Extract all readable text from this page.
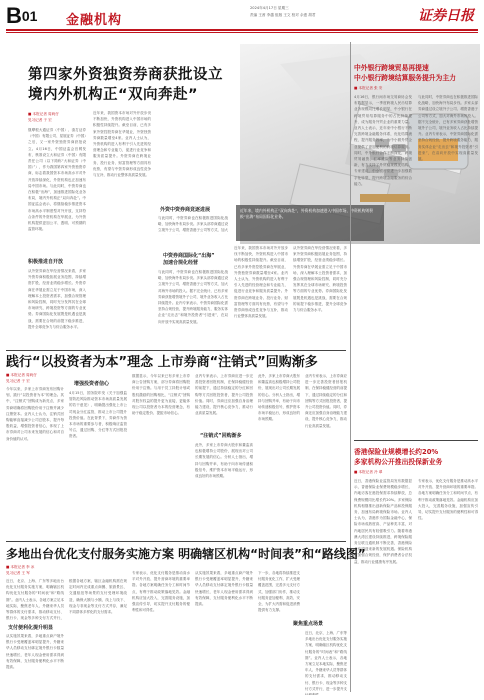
B01 金融机构
2024年4月17日 星期三
责编 王茜 李越 组版 王文 校对 余惠 胡君	证券日报
第四家外资独资券商获批设立
境内外机构正“双向奔赴”
■ 本报记者 周尚仔
见习记者 于 宏
近年来，境内外机构正“双向奔赴”，外资机构加速进入中国市场，中资机构则积极“出海”布局国际化业务。
继摩根大通证券（中国）、渣打证券（中国）有限公司、星展证券（中国）之后，又一家外资独资券商获批设立。4月16日，中国证监会官网发布，核准设立大和证券（中国）有限责任公司（以下简称“大和证券（中国）”），作为我国第四家外资独资券商，标志着我国资本市场高水平对外开放持续深化，外资机构也正加速布局中国市场。与此同时，中资券商也在积极“出海”，加速推进国际化业务布局，境内外机构正“双向奔赴”。中国证监会表示，将继续稳步推进资本市场高水平制度型对外开放，支持符合条件的外资机构在华展业，为外资机构提供更加公平、透明、可预期的监管环境。
积极推进自开放
从外资券商在华经营情况来看，多家外资券商积极拓展业务范围，持续增资扩股，经营业绩稳步增长。外资券商在华展业需立足于中国市场，深入理解本土投资者需求，加强合规管理和风险控制，同时充分发挥其在全球市场研究、跨境投资等方面的专业优势。券商国际化发展既是机遇也是挑战，需要在合规的前提下稳步推进，提升全球竞争力与综合服务水平。
近年来，我国资本市场对外开放步伐不断加快，外资机构进入中国市场的积极性持续提升。截至目前，已有多家外资控股券商在华展业，外资独资券商数量增至4家。业内人士认为，外资机构的进入有利于引入先进的经营理念和专业能力，促进行业竞争和服务质量提升。外资券商在跨境业务、投行业务、财富管理等方面具有优势，有望与中资券商形成良性竞争与互补，推动行业整体高质量发展。
外资中资券商竞逐进展
与此同时，中资券商也在积极推进国际化战略，加快海外布局步伐。多家头部券商通过设立境外子公司、增资香港子公司等方式，加大
中资券商国际化“出海”
加速合规化经营
与此同时，中资券商也在积极推进国际化战略，加快海外布局步伐。多家头部券商通过设立境外子公司、增资香港子公司等方式，加大对海外市场的投入。据不完全统计，已有多家券商获批增资境外子公司，境外业务收入占比持续提升。业内专家表示，中资券商国际化需坚持合规经营，提升跨境服务能力，服务实体企业“走出去”和境外投资者“引进来”，在双向开放中实现高质量发展。
近年来，我国资本市场对外开放步伐不断加快，外资机构进入中国市场的积极性持续提升。截至目前，已有多家外资控股券商在华展业，外资独资券商数量增至4家。业内人士认为，外资机构的进入有利于引入先进的经营理念和专业能力，促进行业竞争和服务质量提升。外资券商在跨境业务、投行业务、财富管理等方面具有优势，有望与中资券商形成良性竞争与互补，推动行业整体高质量发展。
从外资券商在华经营情况来看，多家外资券商积极拓展业务范围，持续增资扩股，经营业绩稳步增长。外资券商在华展业需立足于中国市场，深入理解本土投资者需求，加强合规管理和风险控制，同时充分发挥其在全球市场研究、跨境投资等方面的专业优势。券商国际化发展既是机遇也是挑战，需要在合规的前提下稳步推进，提升全球竞争力与综合服务水平。
中外银行跨境贸易再提速
中小银行跨境结算服务提升为主力
■ 本报记者 张 安
4月16日，银行间市场交易商协会发布数据显示，一季度跨境人民币结算业务规模同比增长明显，中小银行在跨境贸易结算服务中的占比持续提升，成为服务外贸企业的重要力量。业内人士表示，近年来中小银行不断完善跨境金融服务体系，优化结算流程，提升服务效率，为中小微外贸企业提供了更加便利的跨境结算服务。同时，中外银行合作不断深化，跨境贸易融资、汇率避险等业务持续创新，有力支持了外贸稳规模优结构。专家建议，中小银行应进一步加强数字化转型，提升跨境金融服务的综合能力。
与此同时，中资券商也在积极推进国际化战略，加快海外布局步伐。多家头部券商通过设立境外子公司、增资香港子公司等方式，加大对海外市场的投入。据不完全统计，已有多家券商获批增资境外子公司，境外业务收入占比持续提升。业内专家表示，中资券商国际化需坚持合规经营，提升跨境服务能力，服务实体企业“走出去”和境外投资者“引进来”，在双向开放中实现高质量发展。
香港保险业规模增长约20%
多家机构公开推出投保新业务
■ 本报记者 冷 翠
近日，香港保险业监管局发布数据显示，香港保险业保费规模稳步增长，内地访客在港投保需求持续释放，总保费规模同比增长约20%。多家保险机构相继推出创新保险产品和投保服务，加速布局跨境保险市场。业内人士认为，香港作为国际金融中心，保险市场成熟度高、产品种类丰富，对内地居民具有较强吸引力。随着粤港澳大湾区建设持续推进，跨境保险服务互联互通机制不断完善，香港保险业有望迎来新的发展机遇。保险机构需加强合规经营，保护消费者合法权益，推动行业健康有序发展。
专家表示，优化支付服务是推动高水平对外开放、提升营商环境的重要举措。各地方案明确任务分工和时间节点，有利于推动政策落地见效。金融机构应加大投入，完善服务设施，加强宣传引导，切实提升支付服务的便利性和可得性。
践行“以投资者为本”理念 上市券商“注销式”回购渐多
■ 本报记者 周尚仔
见习记者 于 宏
今年以来，多家上市券商发布回购计划，践行“以投资者为本”的理念。其中，“注销式”回购成为新亮点，多家券商明确将回购股份用于注销并减少注册资本。业内人士认为，注销式回购能够直接减少公司总股本，提升每股收益，增强投资者信心，体现了上市券商对公司未来发展的信心和对自身价值的认可。
增强投资者信心
4月15日，国务院印发《关于加强监管防范风险推动资本市场高质量发展的若干意见》，明确提出强化上市公司现金分红监管，推动上市公司提升投资价值。在此背景下，券商作为资本市场的重要参与者，积极响应监管号召，通过回购、分红等方式回报投资者。
数据显示，今年以来已有多家上市券商公告回购方案，部分券商将回购股份用于注销。与用于员工持股计划或股权激励的回购相比，“注销式”回购对股东权益的提升更为直接，更能体现公司以投资者为本的经营理念，有助于稳定股价、提振市场信心。
“注销式”回购渐多
业内专家表示，上市券商应进一步完善投资者回报机制，在保持稳健经营的前提下，通过持续稳定的分红和回购等方式回报投资者，提升公司投资价值。同时，券商还应加强自身治理能力建设，提升核心竞争力，推动行业高质量发展。
此外，多家上市券商大股东和董监高也积极增持公司股份，展现出对公司长期发展的信心。分析人士指出，增持与回购并举，有助于向市场传递积极信号，维护资本市场平稳运行，形成良好的市场预期。
此外，多家上市券商大股东和董监高也积极增持公司股份，展现出对公司长期发展的信心。分析人士指出，增持与回购并举，有助于向市场传递积极信号，维护资本市场平稳运行，形成良好的市场预期。
业内专家表示，上市券商应进一步完善投资者回报机制，在保持稳健经营的前提下，通过持续稳定的分红和回购等方式回报投资者，提升公司投资价值。同时，券商还应加强自身治理能力建设，提升核心竞争力，推动行业高质量发展。
多地出台优化支付服务实施方案 明确辖区机构“时间表”和“路线图”
■ 本报记者 李 冰
见习记者 王 军
近日，北京、上海、广东等多地出台优化支付服务实施方案，明确辖区机构优化支付服务的“时间表”和“路线图”。业内人士表示，各地方案立足本地实际，聚焦老年人、外籍来华人员等群体的支付需求，推动移动支付、银行卡、现金等多种支付方式并行，
支付便利化提升明显
从实施效果来看，多地重点商户境外银行卡受理覆盖率明显提升，外籍来华人员移动支付绑定境外银行卡数量快速增长，老年人现金使用需求得到有效保障，支付服务便利化水平不断提高。
根据各地方案，辖区金融机构需在规定时间内完成重点商圈、旅游景区、交通枢纽等场景的支付受理环境改造，确保大额与小额、线上与线下、现金与非现金等支付方式并存，满足不同群体多样化的支付需求。
专家表示，优化支付服务是推动高水平对外开放、提升营商环境的重要举措。各地方案明确任务分工和时间节点，有利于推动政策落地见效。金融机构应加大投入，完善服务设施，加强宣传引导，切实提升支付服务的便利性和可得性。
从实施效果来看，多地重点商户境外银行卡受理覆盖率明显提升，外籍来华人员移动支付绑定境外银行卡数量快速增长，老年人现金使用需求得到有效保障，支付服务便利化水平不断提高。
聚焦重点场景
下一步，各地将持续推进支付服务优化工作，扩大受理覆盖范围，完善多元支付方式，加强部门协作，推动支付服务更加便利、高效、安全，为扩大内需和促进消费提供有力支撑。
近日，北京、上海、广东等多地出台优化支付服务实施方案，明确辖区机构优化支付服务的“时间表”和“路线图”。业内人士表示，各地方案立足本地实际，聚焦老年人、外籍来华人员等群体的支付需求，推动移动支付、银行卡、现金等多种支付方式并行，进一步提升支
